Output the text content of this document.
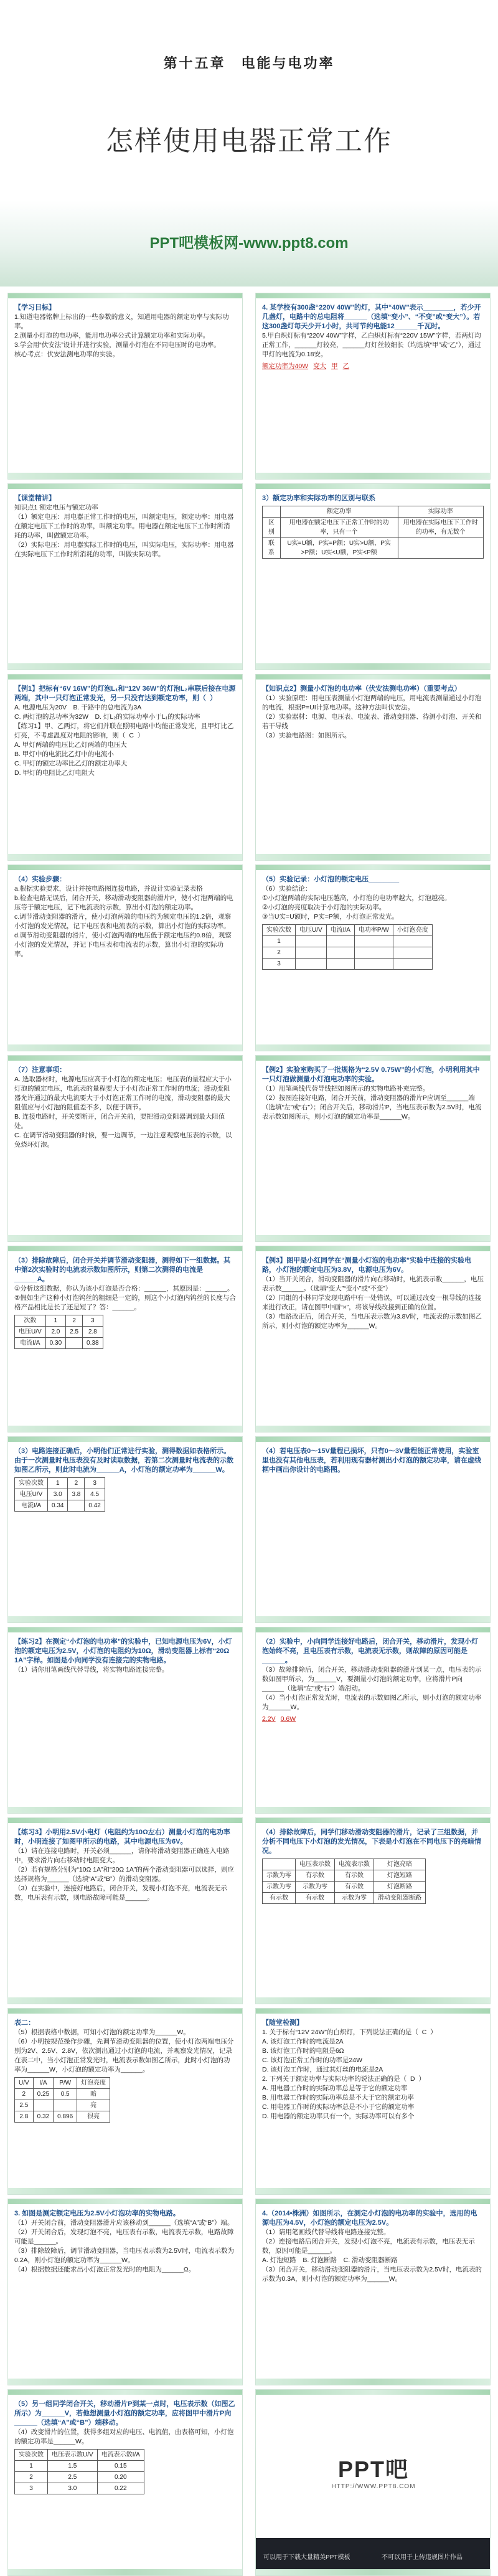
第十五章　电能与电功率
怎样使用电器正常工作
PPT吧模板网-www.ppt8.com
【学习目标】
1.知道电器铭牌上标出的一些参数的意义，知道用电器的额定功率与实际功率。
2.测量小灯泡的电功率，能用电功率公式计算额定功率和实际功率。
3.学会用“伏安法”设计并进行实验，测量小灯泡在不同电压时的电功率。
核心考点：伏安法测电功率的实验。
4. 某学校有300盏“220V 40W”的灯，其中“40W”表示________，若少开几盏灯，电路中的总电阻将______（选填“变小”、“不变”或“变大”）。若这300盏灯每天少开1小时，共可节约电能12______千瓦时。
5.甲白炽灯标有“220V 40W”字样，乙白炽灯标有“220V 15W”字样，若两灯均正常工作，______灯较亮，______灯灯丝较细长（均选填“甲”或“乙”），通过甲灯的电流为0.18安。
额定功率为40W 变大 甲 乙
【课堂精讲】
知识点1 额定电压与额定功率
（1）额定电压：用电器正常工作时的电压，叫额定电压，额定功率：用电器在额定电压下工作时的功率，叫额定功率。用电器在额定电压下工作时所消耗的功率，叫做额定功率。
（2）实际电压：用电器实际工作时的电压，叫实际电压，实际功率：用电器在实际电压下工作时所消耗的功率，叫做实际功率。
3）额定功率和实际功率的区别与联系
	额定功率	实际功率
区别	用电器在额定电压下正常工作时的功率，只有一个	用电器在实际电压下工作时的功率，有无数个
联系	U实=U额，P实=P额；U实>U额，P实>P额；U实<U额，P实<P额	
【例1】把标有“6V 16W”的灯泡L₁和“12V 36W”的灯泡L₂串联后接在电源两端，其中一只灯泡正常发光，另一只没有达到额定功率，则（  ）
A. 电源电压为20V　B. 干路中的总电流为3A
C. 两灯泡的总功率为32W　D. 灯L₂的实际功率小于L₁的实际功率
【练习1】甲、乙两灯，将它们并联在照明电路中均能正常发光，且甲灯比乙灯亮，不考虑温度对电阻的影响，则（  C  ）
A. 甲灯两端的电压比乙灯两端的电压大
B. 甲灯中的电流比乙灯中的电流小
C. 甲灯的额定功率比乙灯的额定功率大
D. 甲灯的电阻比乙灯电阻大
【知识点2】测量小灯泡的电功率（伏安法测电功率）（重要考点）
（1）实验原理：用电压表测量小灯泡两端的电压，用电流表测量通过小灯泡的电流，根据P=UI计算电功率。这种方法叫伏安法。
（2）实验器材：电源、电压表、电流表、滑动变阻器、待测小灯泡、开关和若干导线
（3）实验电路图：如图所示。
（4）实验步骤：
a.根据实验要求，设计并按电路图连接电路，并设计实验记录表格
b.检查电路无误后，闭合开关，移动滑动变阻器的滑片P，使小灯泡两端的电压等于额定电压，记下电流表的示数，算出小灯泡的额定功率。
c.调节滑动变阻器的滑片，使小灯泡两端的电压约为额定电压的1.2倍，观察小灯泡的发光情况，记下电压表和电流表的示数，算出小灯泡的实际功率。
d.调节滑动变阻器的滑片，使小灯泡两端的电压低于额定电压约0.8倍，观察小灯泡的发光情况，并记下电压表和电流表的示数，算出小灯泡的实际功率。
（5）实验记录：小灯泡的额定电压________
（6）实验结论：
①小灯泡两端的实际电压越高，小灯泡的电功率越大，灯泡越亮。
②小灯泡的亮度取决于小灯泡的实际功率。
③当U实=U额时，P实=P额，小灯泡正常发光。
实验次数	电压U/V	电流I/A	电功率P/W	小灯泡亮度
1				
2				
3				
（7）注意事项：
A. 选取器材时，电源电压应高于小灯泡的额定电压；电压表的量程应大于小灯泡的额定电压，电流表的量程要大于小灯泡正常工作时的电流；滑动变阻器允许通过的最大电流要大于小灯泡正常工作时的电流，滑动变阻器的最大阻值应与小灯泡的阻值差不多，以便于调节。
B. 连接电路时，开关要断开，闭合开关前，要把滑动变阻器调到最大阻值处。
C. 在调节滑动变阻器的时候，要一边调节，一边注意观察电压表的示数，以免烧坏灯泡。
【例2】实验室购买了一批规格为“2.5V 0.75W”的小灯泡，小明利用其中一只灯泡做测量小灯泡电功率的实验。
（1）用笔画线代替导线把如图所示的实物电路补充完整。
（2）按图连接好电路，闭合开关前，滑动变阻器的滑片P应调至______端（选填“左”或“右”）；闭合开关后，移动滑片P，当电压表示数为2.5V时，电流表示数如图所示，则小灯泡的额定功率是______W。
（3）排除故障后，闭合开关并调节滑动变阻器，测得如下一组数据。其中第2次实验时的电流表示数如图所示，则第二次测得的电流是______A。
①分析这组数据，你认为该小灯泡是否合格：______，其原因是：______。
②假如生产这种小灯泡钨丝的粗细是一定的，则这个小灯泡内钨丝的长度与合格产品相比是长了还是短了？答：______。
次数	1	2	3
电压U/V	2.0	2.5	2.8
电流I/A	0.30		0.38
【例3】图甲是小红同学在“测量小灯泡的电功率”实验中连接的实验电路，小灯泡的额定电压为3.8V，电源电压为6V。
（1）当开关闭合，滑动变阻器的滑片向右移动时，电流表示数______，电压表示数______。（选填“变大”“变小”或“不变”）
（2）同组的小林同学发现电路中有一处错误，可以通过改变一根导线的连接来进行改正，请在图甲中画“×”，将该导线改接到正确的位置。
（3）电路改正后，闭合开关，当电压表示数为3.8V时，电流表的示数如图乙所示，则小灯泡的额定功率为______W。
（3）电路连接正确后，小明他们正常进行实验，测得数据如表格所示。由于一次测量时电压表没有及时读取数据，若第二次测量时电流表的示数如图乙所示，则此时电流为______A，小灯泡的额定功率为______W。
实验次数	1	2	3
电压U/V	3.0	3.8	4.5
电流I/A	0.34		0.42
（4）若电压表0～15V量程已损坏，只有0～3V量程能正常使用，实验室里也没有其他电压表，若利用现有器材测出小灯泡的额定功率，请在虚线框中画出你设计的电路图。
【练习2】在测定“小灯泡的电功率”的实验中，已知电源电压为6V，小灯泡的额定电压为2.5V，小灯泡的电阻约为10Ω，滑动变阻器上标有“20Ω 1A”字样。如图是小向同学没有连接完的实物电路。
（1）请你用笔画线代替导线，将实物电路连接完整。
（2）实验中，小向同学连接好电路后，闭合开关，移动滑片，发现小灯泡始终不亮，且电压表有示数，电流表无示数，则故障的原因可能是______。
（3）故障排除后，闭合开关，移动滑动变阻器的滑片到某一点，电压表的示数如图甲所示，为______V，要测量小灯泡的额定功率，应将滑片P向______（选填“左”或“右”）端滑动。
（4）当小灯泡正常发光时，电流表的示数如图乙所示，则小灯泡的额定功率为______W。
2.2V 0.6W
【练习3】小明用2.5V小电灯（电阻约为10Ω左右）测量小灯泡的电功率时，小明连接了如图甲所示的电路，其中电源电压为6V。
（1）请在连接电路时，开关必须______，请你将滑动变阻器正确连入电路中，要求滑片向右移动时电阻变大。
（2）若有规格分别为“10Ω 1A”和“20Ω 1A”的两个滑动变阻器可以选择，则应选择规格为______（选填“A”或“B”）的滑动变阻器。
（3）在实验中，连接好电路后，闭合开关，发现小灯泡不亮，电流表无示数，电压表有示数，则电路故障可能是______。
（4）排除故障后，同学们移动滑动变阻器的滑片，记录了三组数据，并分析不同电压下小灯泡的发光情况，下表是小灯泡在不同电压下的亮暗情况。
	电压表示数	电流表示数	灯泡亮暗
示数为零	有示数	有示数	灯泡短路
示数为零	示数为零	有示数	灯泡断路
有示数	有示数	示数为零	滑动变阻器断路
表二：
（5）根据表格中数据，可知小灯泡的额定功率为______W。
（6）小明按规范操作步骤，先调节滑动变阻器的位置，使小灯泡两端电压分别为2V、2.5V、2.8V，依次测出通过小灯泡的电流，并观察发光情况，记录在表二中，当小灯泡正常发光时，电流表示数如图乙所示，此时小灯泡的功率为______W，小灯泡的额定功率为______。
U/V	I/A	P/W	灯泡亮度
2	0.25	0.5	暗
2.5			亮
2.8	0.32	0.896	很亮
【随堂检测】
1. 关于标有“12V 24W”的白炽灯，下列说法正确的是（  C  ）
A. 该灯泡工作时的电流是2A
B. 该灯泡工作时的电阻是6Ω
C. 该灯泡正常工作时的功率是24W
D. 该灯泡工作时，通过其灯丝的电流是2A
2. 下列关于额定功率与实际功率的说法正确的是（  D  ）
A. 用电器工作时的实际功率总是等于它的额定功率
B. 用电器工作时的实际功率总是不大于它的额定功率
C. 用电器工作时的实际功率总是不小于它的额定功率
D. 用电器的额定功率只有一个，实际功率可以有多个
3. 如图是测定额定电压为2.5V小灯泡功率的实物电路。
（1）开关闭合前，滑动变阻器滑片应该移动到______（选填“A”或“B”）端。
（2）开关闭合后，发现灯泡不亮，电压表有示数，电流表无示数，电路故障可能是______。
（3）排除故障后，调节滑动变阻器，当电压表示数为2.5V时，电流表示数为0.2A，则小灯泡的额定功率为______W。
（4）根据数据还能求出小灯泡正常发光时的电阻为______Ω。
4.（2014•株洲）如图所示，在测定小灯泡的电功率的实验中，选用的电源电压为4.5V，小灯泡的额定电压为2.5V。
（1）请用笔画线代替导线将电路连接完整。
（2）连接电路后闭合开关，发现小灯泡不亮，电流表有示数，电压表无示数，原因可能是______。
A. 灯泡短路　B. 灯泡断路　C. 滑动变阻器断路
（3）闭合开关，移动滑动变阻器的滑片，当电压表示数为2.5V时，电流表的示数为0.3A，则小灯泡的额定功率为______W。
（5）另一组同学闭合开关，移动滑片P到某一点时，电压表示数（如图乙所示）为______V，若他想测量小灯泡的额定功率，应将图甲中滑片P向______（选填“A”或“B”）端移动。
（4）改变滑片的位置，获得多组对应的电压、电流值，由表格可知，小灯泡的额定功率是______W。
实验次数	电压表示数U/V	电流表示数I/A
1	1.5	0.15
2	2.5	0.20
3	3.0	0.22
PPT吧
HTTP://WWW.PPT8.COM
可以用于下载大量精美PPT模板	不可以用于上传违规图片作品
